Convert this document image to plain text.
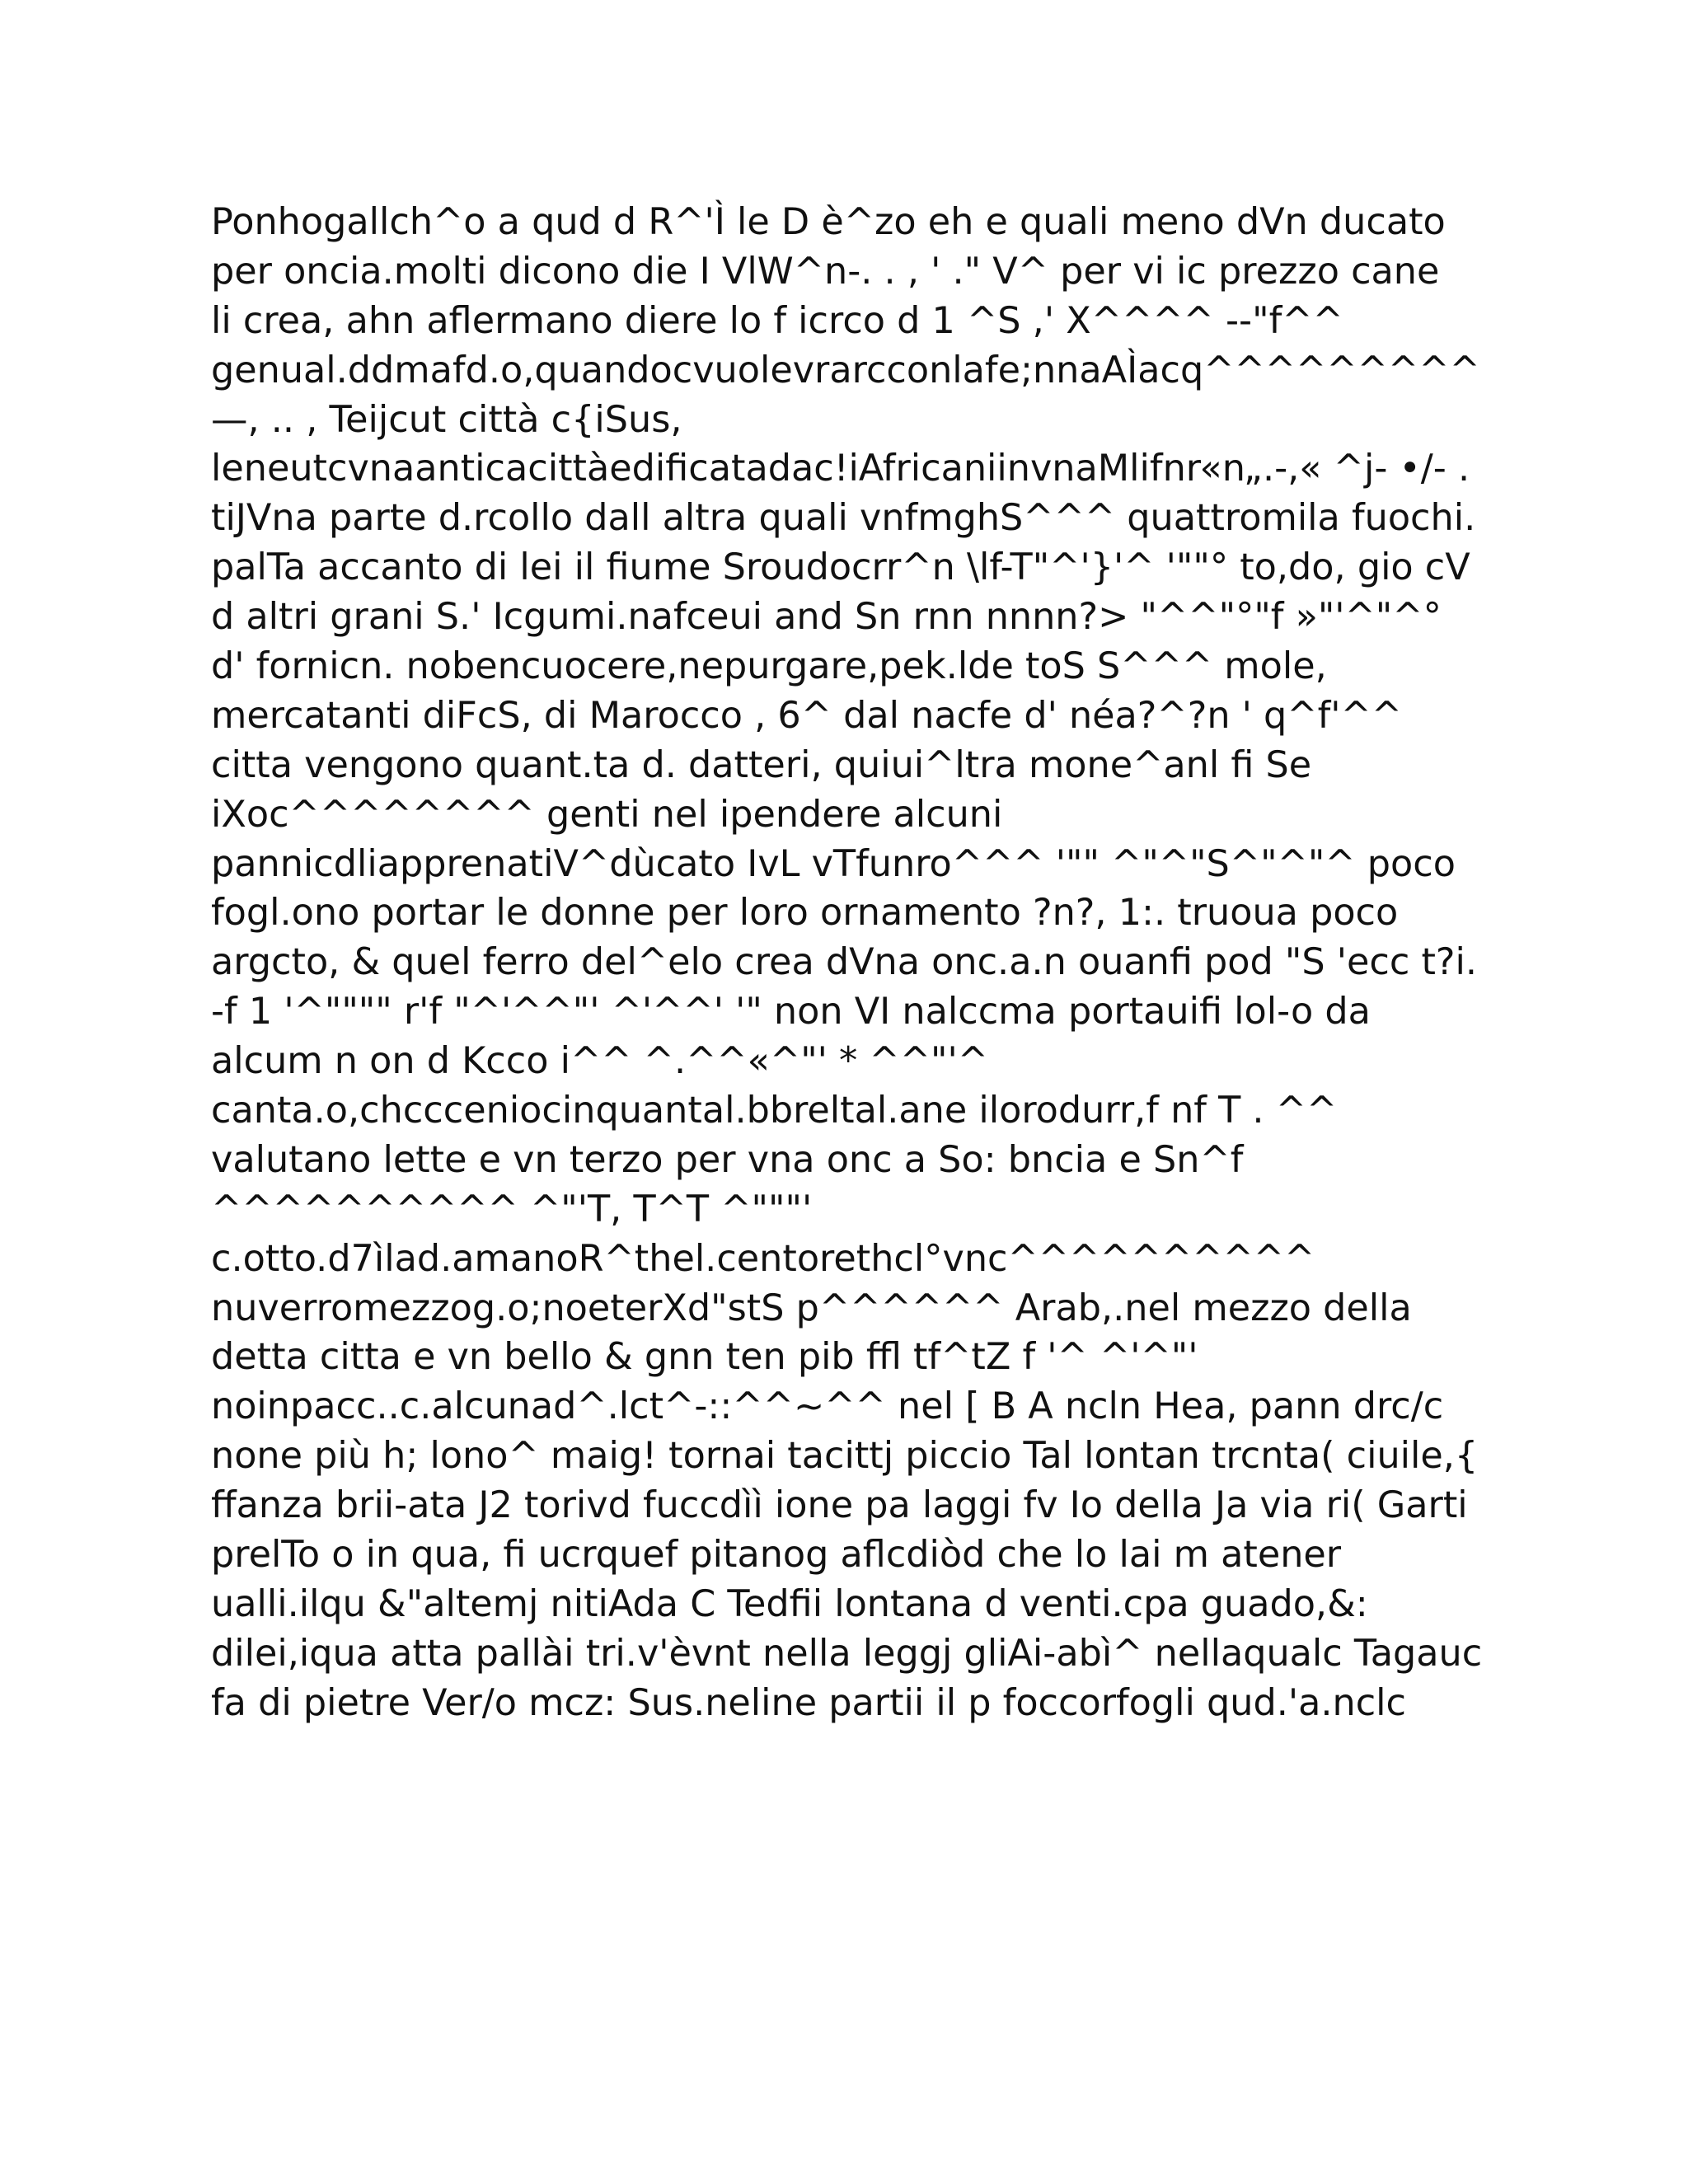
Ponhogallch^o a qud d R^'Ì le D è^zo eh e quali meno dVn ducato
per oncia.molti dicono die I VlW^n-. . , ' ." V^ per vi ic prezzo cane
li crea, ahn aflermano diere lo f icrco d 1 ^S ,' X^^^^ --"f^^
genual.ddmafd.o,quandocvuolevrarcconlafe;nnaAÌacq^^^^^^^^^
—, .. , Teijcut città c{iSus,
leneutcvnaanticacittàedificatadac!iAfricaniinvnaMlifnr«n„.-,« ^j- •/- .
tiJVna parte d.rcollo dall altra quali vnfmghS^^^ quattromila fuochi.
palTa accanto di lei il fiume Sroudocrr^n \lf-T"^'}'^ '""° to,do, gio cV
d altri grani S.' Icgumi.nafceui and Sn rnn nnnn?> "^^"°"f »"'^"^°
d' fornicn. nobencuocere,nepurgare,pek.lde toS S^^^ mole,
mercatanti diFcS, di Marocco , 6^ dal nacfe d' néa?^?n ' q^f'^^
citta vengono quant.ta d. datteri, quiui^ltra mone^anl fi Se
iXoc^^^^^^^^ genti nel ipendere alcuni
pannicdliapprenatiV^dùcato IvL vTfunro^^^ '"" ^"^"S^"^"^ poco
fogl.ono portar le donne per loro ornamento ?n?, 1:. truoua poco
argcto, & quel ferro del^elo crea dVna onc.a.n ouanfi pod "S 'ecc t?i.
-f 1 '^"""" r'f "^'^^"' ^'^^' '" non VI nalccma portauifi lol-o da
alcum n on d Kcco i^^ ^.^^«^"' * ^^"'^
canta.o,chccceniocinquantal.bbreltal.ane ilorodurr,f nf T . ^^
valutano lette e vn terzo per vna onc a So: bncia e Sn^f
^^^^^^^^^^ ^"'T, T^T ^"""'
c.otto.d7ìlad.amanoR^thel.centorethcl°vnc^^^^^^^^^^
nuverromezzog.o;noeterXd"stS p^^^^^^ Arab,.nel mezzo della
detta citta e vn bello & gnn ten pib ffl tf^tZ f '^ ^'^"'
noinpacc..c.alcunad^.lct^-::^^~^^ nel [ B A ncln Hea, pann drc/c
none più h; lono^ maig! tornai tacittj piccio Tal lontan trcnta( ciuile,{
ffanza brii-ata J2 torivd fuccdìì ione pa laggi fv Io della Ja via ri( Garti
prelTo o in qua, fi ucrquef pitanog aflcdiòd che lo lai m atener
ualli.ilqu &"altemj nitiAda C Tedfii lontana d venti.cpa guado,&:
dilei,iqua atta pallài tri.v'èvnt nella leggj gliAi-abì^ nellaqualc Tagauc
fa di pietre Ver/o mcz: Sus.neline partii il p foccorfogli qud.'a.nclc
